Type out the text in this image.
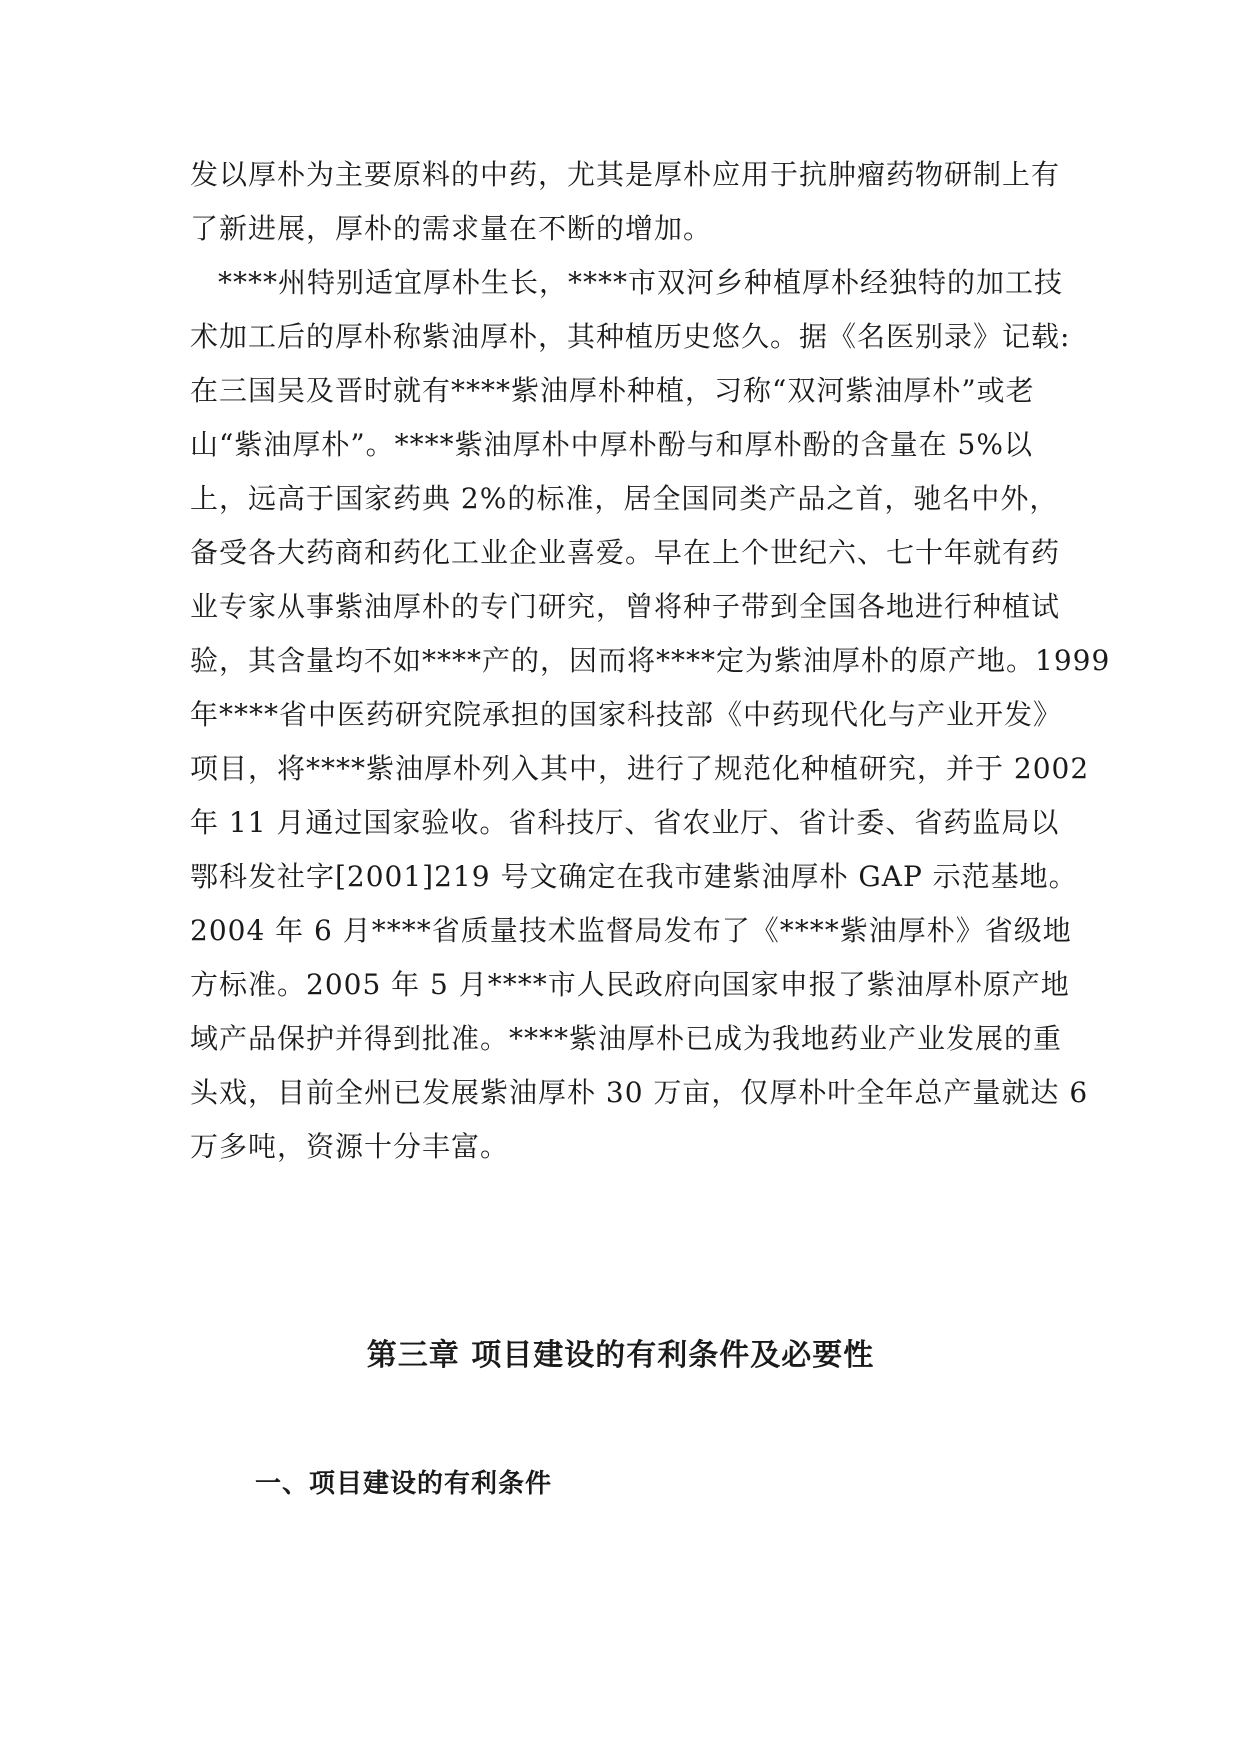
发以厚朴为主要原料的中药，尤其是厚朴应用于抗肿瘤药物研制上有
了新进展，厚朴的需求量在不断的增加。
****州特别适宜厚朴生长，****市双河乡种植厚朴经独特的加工技
术加工后的厚朴称紫油厚朴，其种植历史悠久。据《名医别录》记载:
在三国吴及晋时就有****紫油厚朴种植，习称“双河紫油厚朴”或老
山“紫油厚朴”。****紫油厚朴中厚朴酚与和厚朴酚的含量在 5%以
上，远高于国家药典 2%的标准，居全国同类产品之首，驰名中外，
备受各大药商和药化工业企业喜爱。早在上个世纪六、七十年就有药
业专家从事紫油厚朴的专门研究，曾将种子带到全国各地进行种植试
验，其含量均不如****产的，因而将****定为紫油厚朴的原产地。1999
年****省中医药研究院承担的国家科技部《中药现代化与产业开发》
项目，将****紫油厚朴列入其中，进行了规范化种植研究，并于 2002
年 11 月通过国家验收。省科技厅、省农业厅、省计委、省药监局以
鄂科发社字[2001]219 号文确定在我市建紫油厚朴 GAP 示范基地。
2004 年 6 月****省质量技术监督局发布了《****紫油厚朴》省级地
方标准。2005 年 5 月****市人民政府向国家申报了紫油厚朴原产地
域产品保护并得到批准。****紫油厚朴已成为我地药业产业发展的重
头戏，目前全州已发展紫油厚朴 30 万亩，仅厚朴叶全年总产量就达 6
万多吨，资源十分丰富。
第三章 项目建设的有利条件及必要性
一、项目建设的有利条件
